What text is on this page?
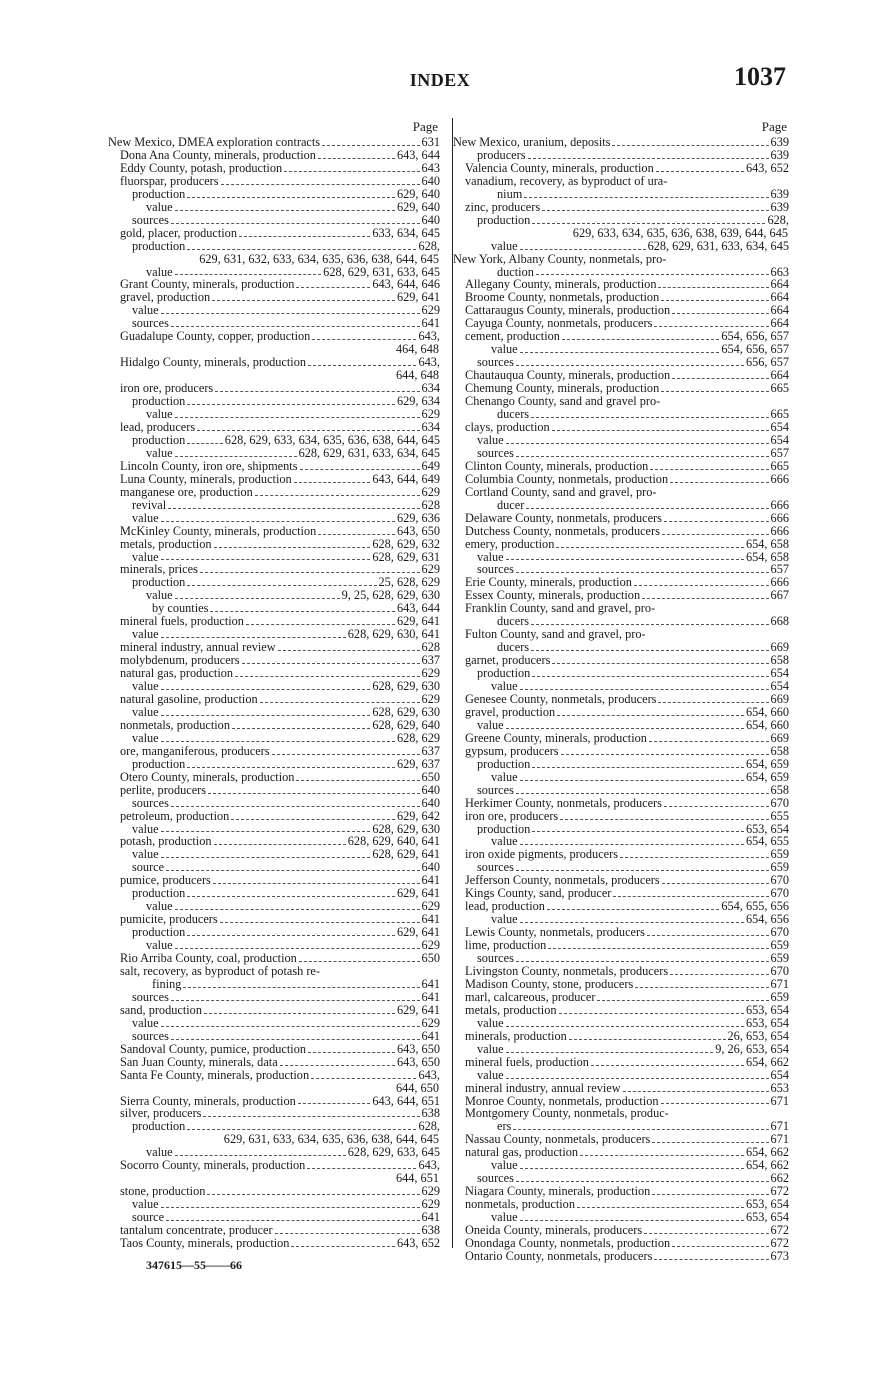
INDEX	1037
Page
New Mexico, DMEA exploration contracts	631
Dona Ana County, minerals, production	643, 644
Eddy County, potash, production	643
fluorspar, producers	640
production	629, 640
value	629, 640
sources	640
gold, placer, production	633, 634, 645
production	628,
629, 631, 632, 633, 634, 635, 636, 638, 644, 645
value	628, 629, 631, 633, 645
Grant County, minerals, production	643, 644, 646
gravel, production	629, 641
value	629
sources	641
Guadalupe County, copper, production	643,
464, 648
Hidalgo County, minerals, production	643,
644, 648
iron ore, producers	634
production	629, 634
value	629
lead, producers	634
production	628, 629, 633, 634, 635, 636, 638, 644, 645
value	628, 629, 631, 633, 634, 645
Lincoln County, iron ore, shipments	649
Luna County, minerals, production	643, 644, 649
manganese ore, production	629
revival	628
value	629, 636
McKinley County, minerals, production	643, 650
metals, production	628, 629, 632
value	628, 629, 631
minerals, prices	629
production	25, 628, 629
value	9, 25, 628, 629, 630
by counties	643, 644
mineral fuels, production	629, 641
value	628, 629, 630, 641
mineral industry, annual review	628
molybdenum, producers	637
natural gas, production	629
value	628, 629, 630
natural gasoline, production	629
value	628, 629, 630
nonmetals, production	628, 629, 640
value	628, 629
ore, manganiferous, producers	637
production	629, 637
Otero County, minerals, production	650
perlite, producers	640
sources	640
petroleum, production	629, 642
value	628, 629, 630
potash, production	628, 629, 640, 641
value	628, 629, 641
source	640
pumice, producers	641
production	629, 641
value	629
pumicite, producers	641
production	629, 641
value	629
Rio Arriba County, coal, production	650
salt, recovery, as byproduct of potash re-
fining	641
sources	641
sand, production	629, 641
value	629
sources	641
Sandoval County, pumice, production	643, 650
San Juan County, minerals, data	643, 650
Santa Fe County, minerals, production	643,
644, 650
Sierra County, minerals, production	643, 644, 651
silver, producers	638
production	628,
629, 631, 633, 634, 635, 636, 638, 644, 645
value	628, 629, 633, 645
Socorro County, minerals, production	643,
644, 651
stone, production	629
value	629
source	641
tantalum concentrate, producer	638
Taos County, minerals, production	643, 652
Page
New Mexico, uranium, deposits	639
producers	639
Valencia County, minerals, production	643, 652
vanadium, recovery, as byproduct of ura-
nium	639
zinc, producers	639
production	628,
629, 633, 634, 635, 636, 638, 639, 644, 645
value	628, 629, 631, 633, 634, 645
New York, Albany County, nonmetals, pro-
duction	663
Allegany County, minerals, production	664
Broome County, nonmetals, production	664
Cattaraugus County, minerals, production	664
Cayuga County, nonmetals, producers	664
cement, production	654, 656, 657
value	654, 656, 657
sources	656, 657
Chautauqua County, minerals, production	664
Chemung County, minerals, production	665
Chenango County, sand and gravel pro-
ducers	665
clays, production	654
value	654
sources	657
Clinton County, minerals, production	665
Columbia County, nonmetals, production	666
Cortland County, sand and gravel, pro-
ducer	666
Delaware County, nonmetals, producers	666
Dutchess County, nonmetals, producers	666
emery, production	654, 658
value	654, 658
sources	657
Erie County, minerals, production	666
Essex County, minerals, production	667
Franklin County, sand and gravel, pro-
ducers	668
Fulton County, sand and gravel, pro-
ducers	669
garnet, producers	658
production	654
value	654
Genesee County, nonmetals, producers	669
gravel, production	654, 660
value	654, 660
Greene County, minerals, production	669
gypsum, producers	658
production	654, 659
value	654, 659
sources	658
Herkimer County, nonmetals, producers	670
iron ore, producers	655
production	653, 654
value	654, 655
iron oxide pigments, producers	659
sources	659
Jefferson County, nonmetals, producers	670
Kings County, sand, producer	670
lead, production	654, 655, 656
value	654, 656
Lewis County, nonmetals, producers	670
lime, production	659
sources	659
Livingston County, nonmetals, producers	670
Madison County, stone, producers	671
marl, calcareous, producer	659
metals, production	653, 654
value	653, 654
minerals, production	26, 653, 654
value	9, 26, 653, 654
mineral fuels, production	654, 662
value	654
mineral industry, annual review	653
Monroe County, nonmetals, production	671
Montgomery County, nonmetals, produc-
ers	671
Nassau County, nonmetals, producers	671
natural gas, production	654, 662
value	654, 662
sources	662
Niagara County, minerals, production	672
nonmetals, production	653, 654
value	653, 654
Oneida County, minerals, producers	672
Onondaga County, nonmetals, production	672
Ontario County, nonmetals, producers	673
347615—55——66
